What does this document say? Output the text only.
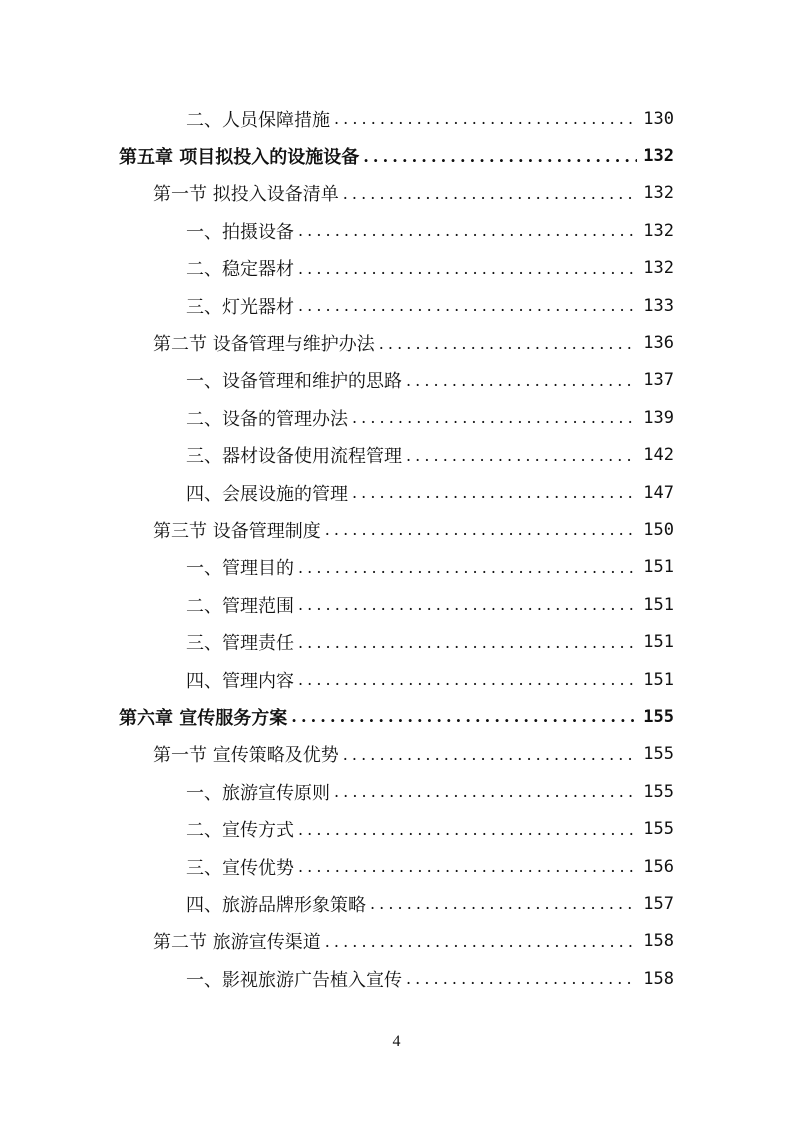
二、人员保障措施 .....	130
第五章 项目拟投入的设施设备 .....	132
第一节 拟投入设备清单 .....	132
一、拍摄设备 .....	132
二、稳定器材 .....	132
三、灯光器材 .....	133
第二节 设备管理与维护办法 .....	136
一、设备管理和维护的思路 .....	137
二、设备的管理办法 .....	139
三、器材设备使用流程管理 .....	142
四、会展设施的管理 .....	147
第三节 设备管理制度 .....	150
一、管理目的 .....	151
二、管理范围 .....	151
三、管理责任 .....	151
四、管理内容 .....	151
第六章 宣传服务方案 .....	155
第一节 宣传策略及优势 .....	155
一、旅游宣传原则 .....	155
二、宣传方式 .....	155
三、宣传优势 .....	156
四、旅游品牌形象策略 .....	157
第二节 旅游宣传渠道 .....	158
一、影视旅游广告植入宣传 .....	158
4
